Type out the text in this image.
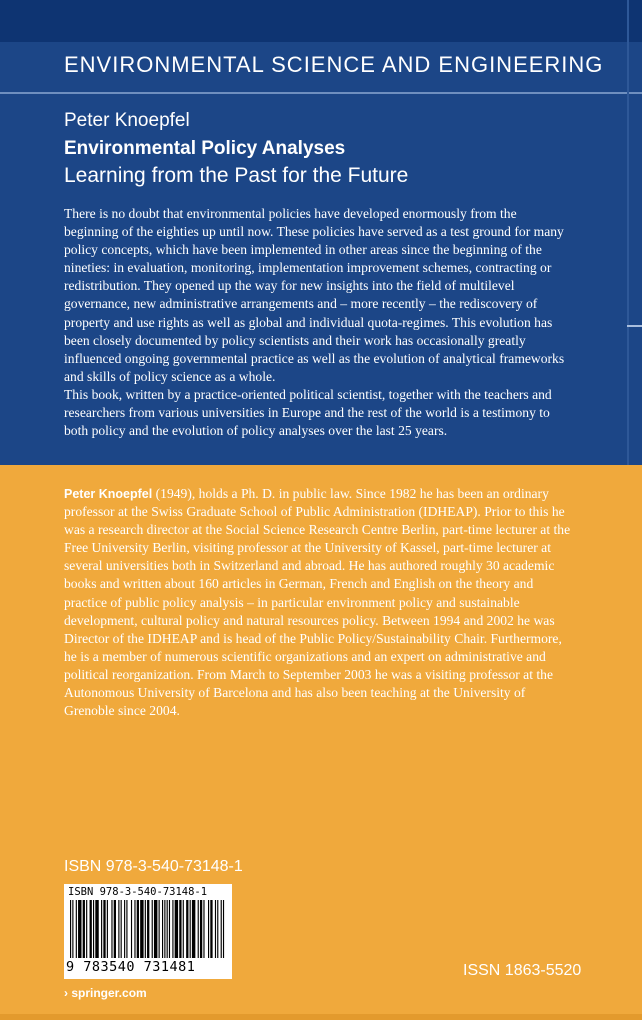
ENVIRONMENTAL SCIENCE AND ENGINEERING
Peter Knoepfel
Environmental Policy Analyses
Learning from the Past for the Future

There is no doubt that environmental policies have developed enormously from the beginning of the eighties up until now. These policies have served as a test ground for many policy concepts, which have been implemented in other areas since the beginning of the nineties: in evaluation, monitoring, implementation improvement schemes, contracting or redistribution. They opened up the way for new insights into the field of multilevel governance, new administrative arrangements and – more recently – the rediscovery of property and use rights as well as global and individual quota-regimes. This evolution has been closely documented by policy scientists and their work has occasionally greatly influenced ongoing governmental practice as well as the evolution of analytical frameworks and skills of policy science as a whole.

This book, written by a practice-oriented political scientist, together with the teachers and researchers from various universities in Europe and the rest of the world is a testimony to both policy and the evolution of policy analyses over the last 25 years.

Peter Knoepfel (1949), holds a Ph. D. in public law. Since 1982 he has been an ordinary professor at the Swiss Graduate School of Public Administration (IDHEAP). Prior to this he was a research director at the Social Science Research Centre Berlin, part-time lecturer at the Free University Berlin, visiting professor at the University of Kassel, part-time lecturer at several universities both in Switzerland and abroad. He has authored roughly 30 academic books and written about 160 articles in German, French and English on the theory and practice of public policy analysis – in particular environment policy and sustainable development, cultural policy and natural resources policy. Between 1994 and 2002 he was Director of the IDHEAP and is head of the Public Policy/Sustainability Chair. Furthermore, he is a member of numerous scientific organizations and an expert on administrative and political reorganization. From March to September 2003 he was a visiting professor at the Autonomous University of Barcelona and has also been teaching at the University of Grenoble since 2004.
ISBN 978-3-540-73148-1
ISBN 978-3-540-73148-1
9 783540 731481	ISSN 1863-5520
› springer.com
